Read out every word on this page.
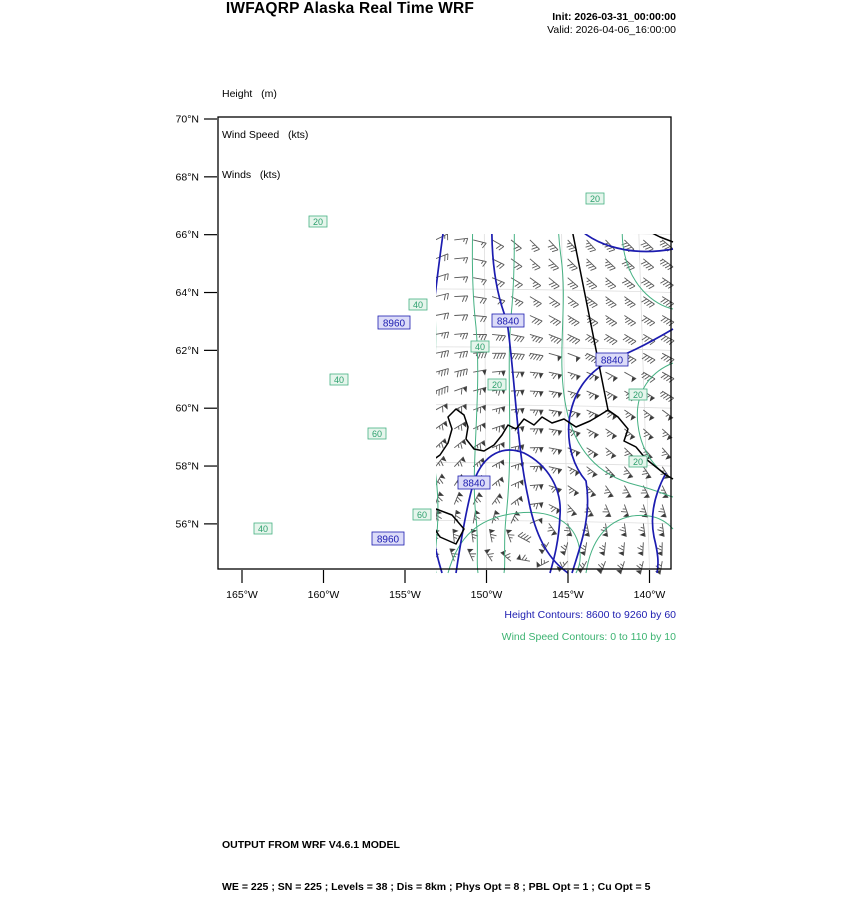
IWFAQRP Alaska Real Time WRF	Init: 2026-03-31_00:00:00
Valid: 2026-04-06_16:00:00

Height   (m)

Wind Speed   (kts)

Winds   (kts)

8960	8840
8840
8840
8960
20
40
40
20
40
60
20
20
40
60
20
70°N
68°N
66°N
64°N
62°N
60°N
58°N
56°N
165°W	160°W	155°W	150°W	145°W	140°W
Height Contours: 8600 to 9260 by 60
Wind Speed Contours: 0 to 110 by 10

OUTPUT FROM WRF V4.6.1 MODEL

WE = 225 ; SN = 225 ; Levels = 38 ; Dis = 8km ; Phys Opt = 8 ; PBL Opt = 1 ; Cu Opt = 5
